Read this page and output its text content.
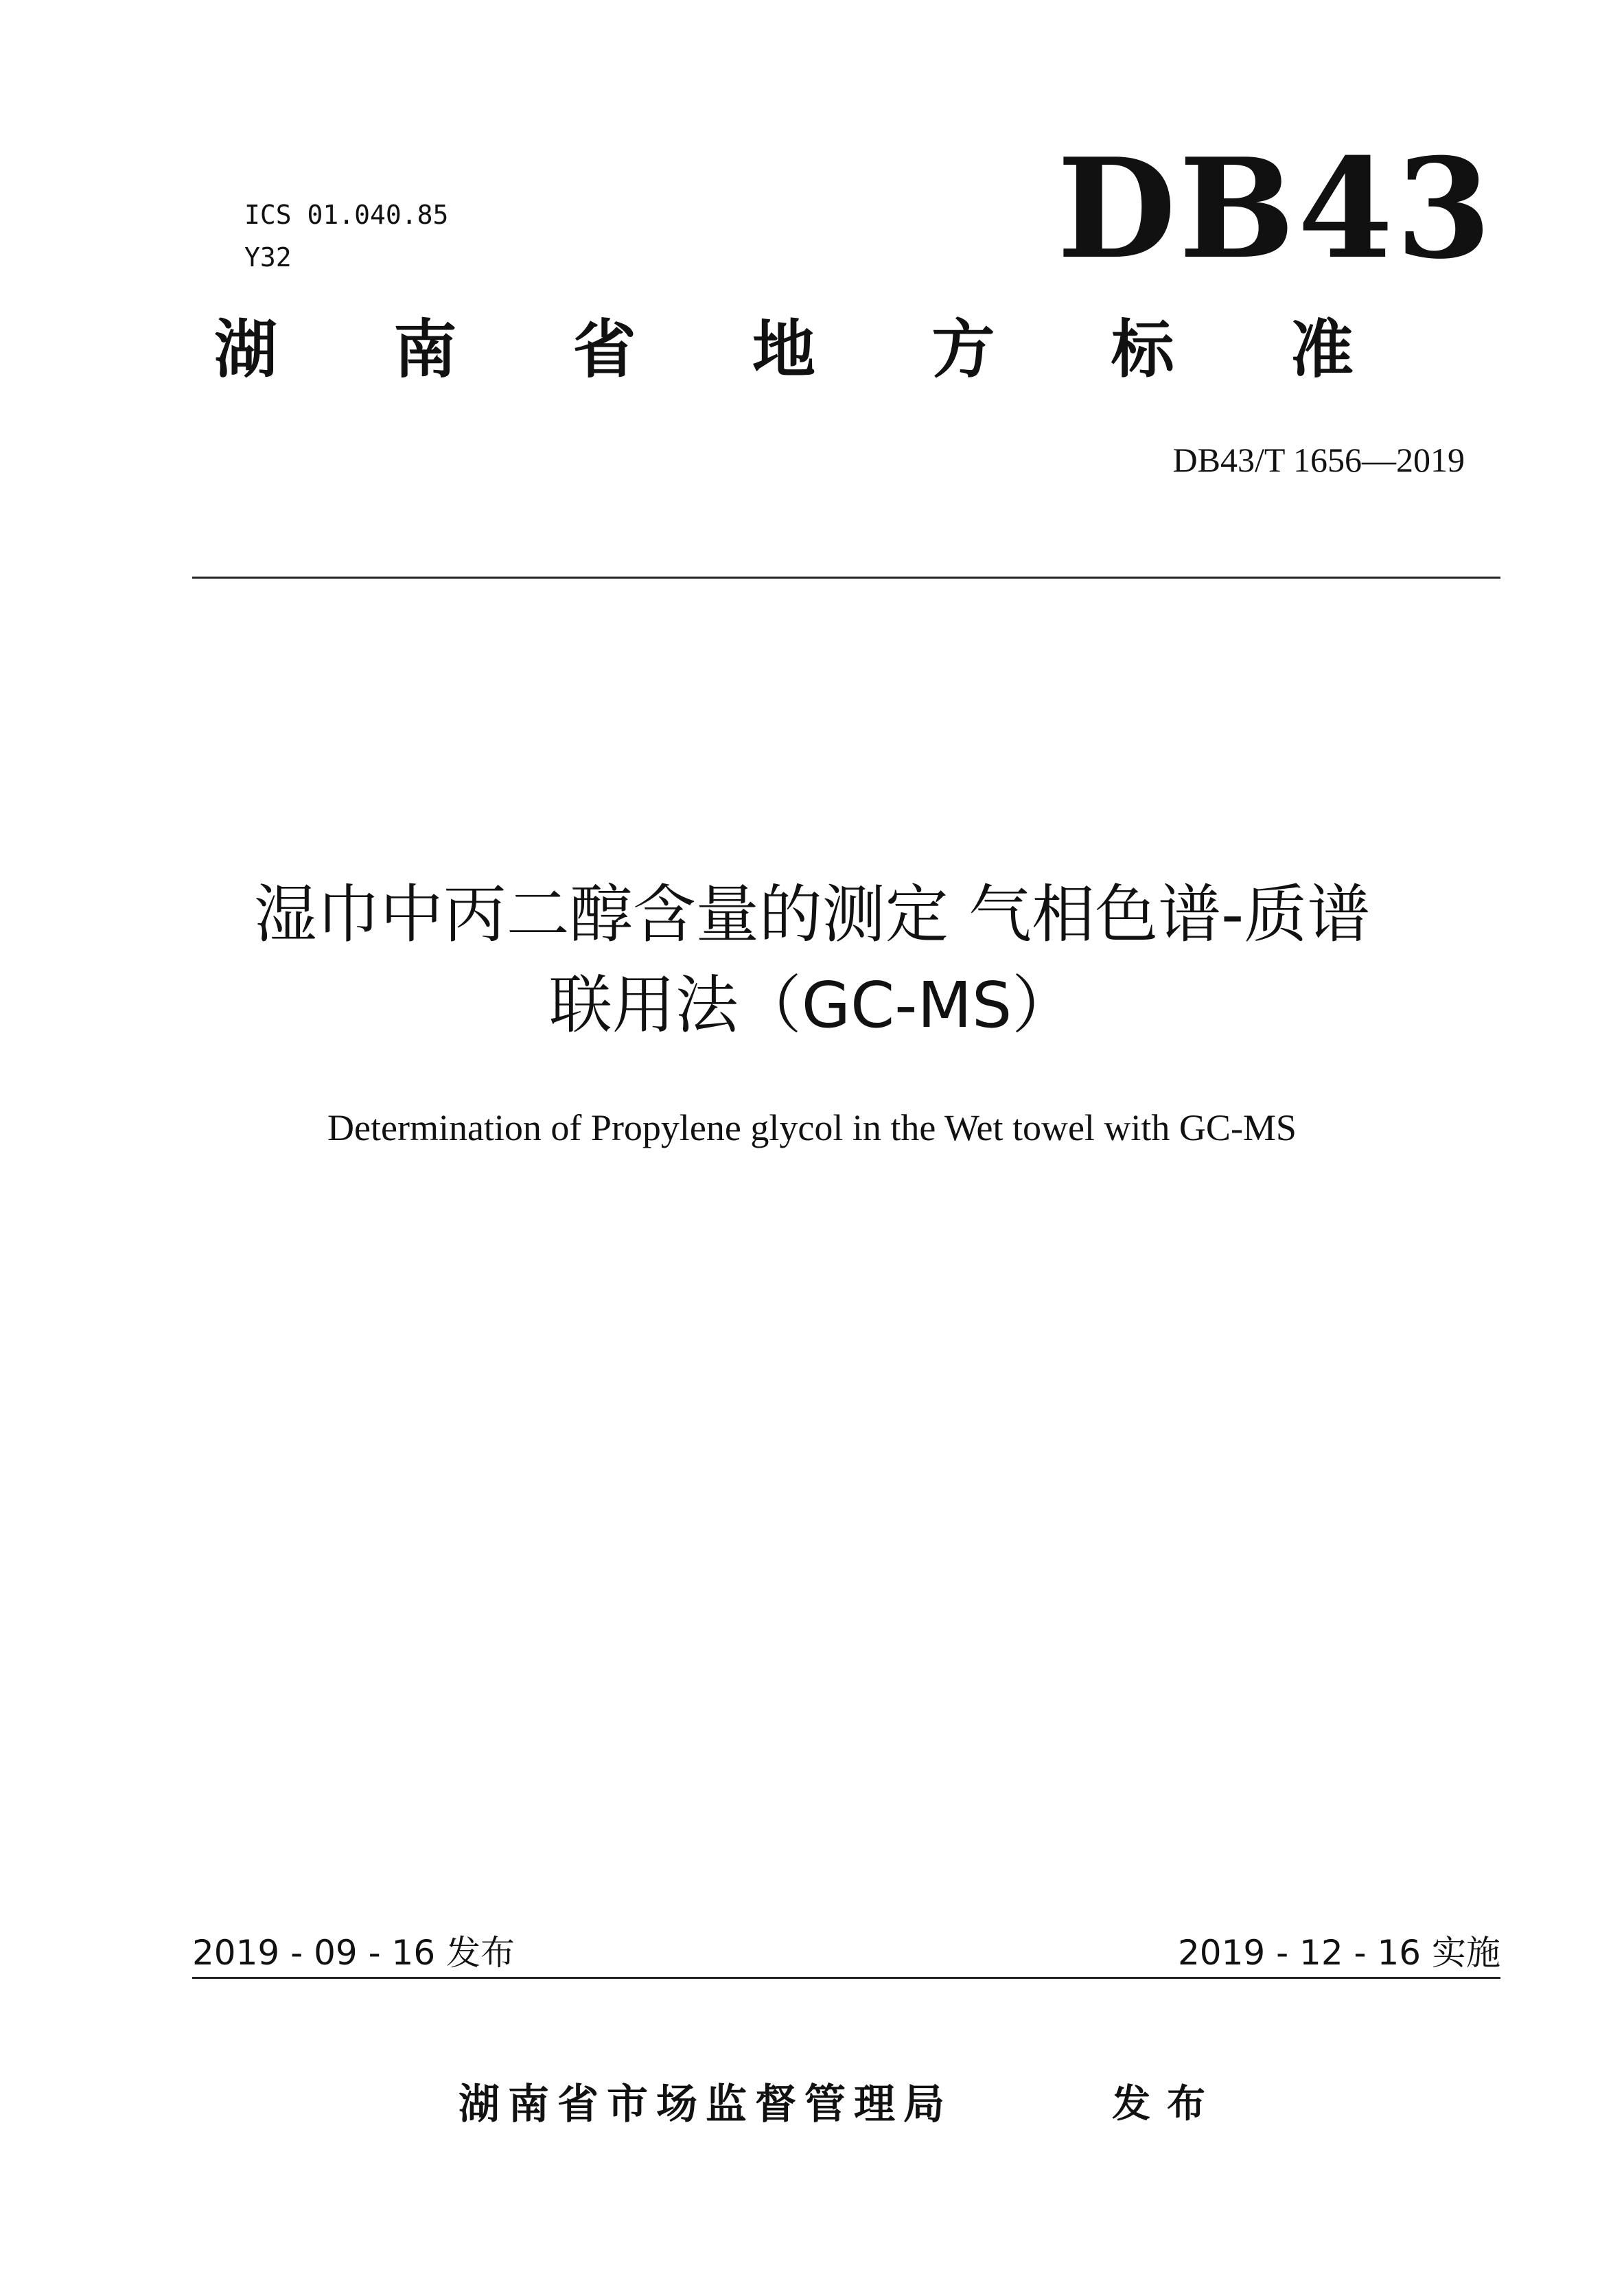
ICS 01.040.85
Y32	DB43
湖 南 省 地 方 标 准
DB43/T 1656—2019
湿巾中丙二醇含量的测定 气相色谱-质谱
联用法（GC-MS）
Determination of Propylene glycol in the Wet towel with GC-MS
2019 - 09 - 16 发布	2019 - 12 - 16 实施
湖南省市场监督管理局	发布
